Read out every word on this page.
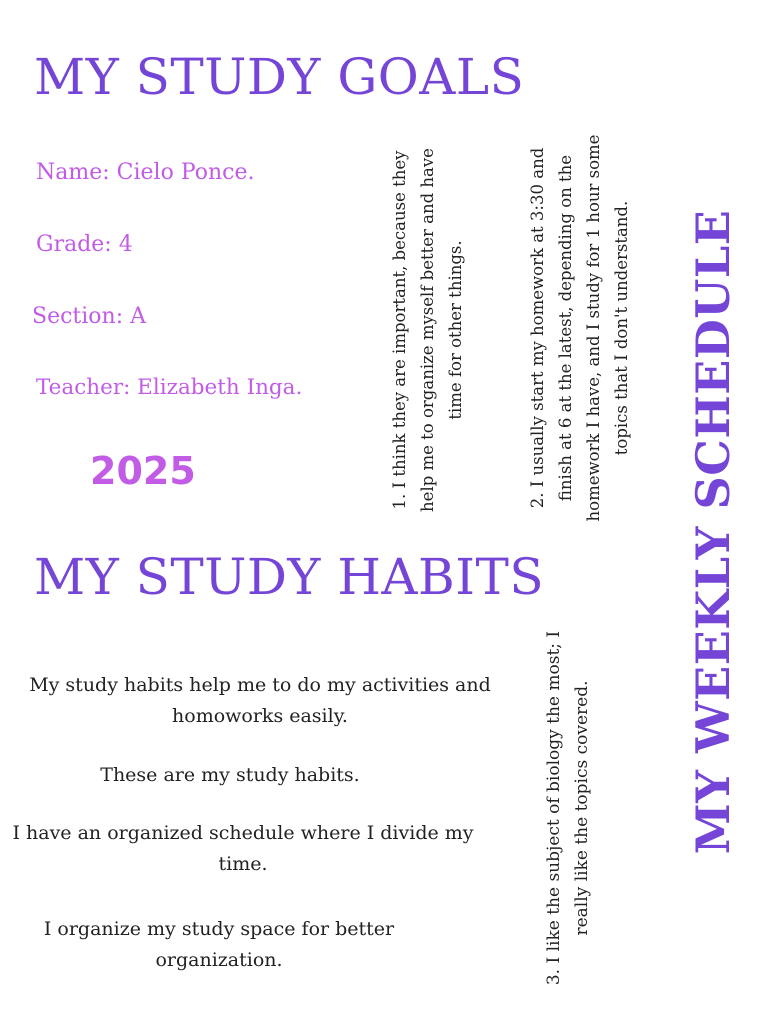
MY STUDY GOALS

Name: Cielo Ponce.

Grade: 4

Section: A

Teacher: Elizabeth Inga.

2025	1. I think they are important, because they help me to organize myself better and have time for other things.	2. I usually start my homework at 3:30 and finish at 6 at the latest, depending on the homework I have, and I study for 1 hour some topics that I don't understand.

MY STUDY HABITS

My study habits help me to do my activities and homoworks easily.

These are my study habits.

I have an organized schedule where I divide my time.

I organize my study space for better organization.	3. I like the subject of biology the most; I really like the topics covered. MY WEEKLY SCHEDULE
